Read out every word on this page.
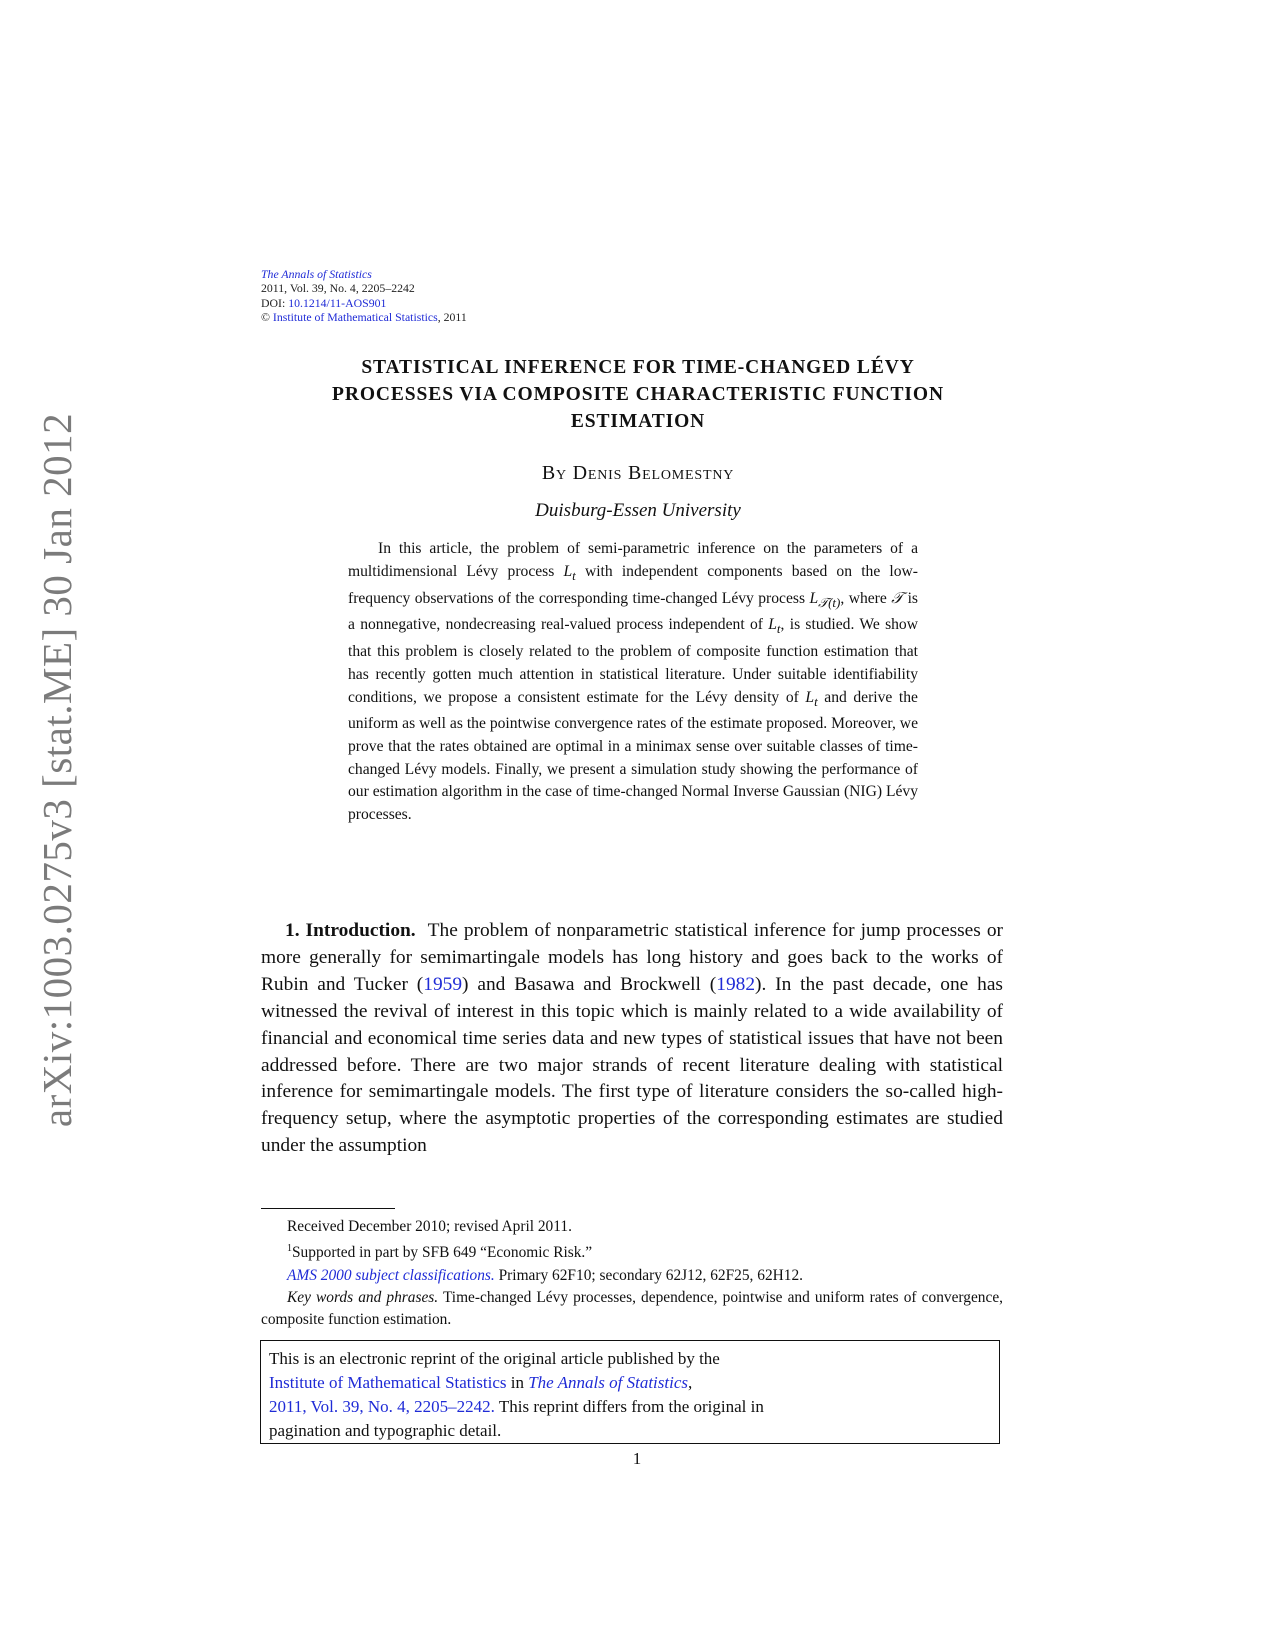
arXiv:1003.0275v3 [stat.ME] 30 Jan 2012
The Annals of Statistics
2011, Vol. 39, No. 4, 2205–2242
DOI: 10.1214/11-AOS901
© Institute of Mathematical Statistics, 2011
STATISTICAL INFERENCE FOR TIME-CHANGED LÉVY
PROCESSES VIA COMPOSITE CHARACTERISTIC FUNCTION
ESTIMATION
By Denis Belomestny
Duisburg-Essen University

In this article, the problem of semi-parametric inference on the parameters of a multidimensional Lévy process $L_t$ with independent components based on the low-frequency observations of the corresponding time-changed Lévy process $L_{𝒯(t)}$, where 𝒯 is a nonnegative, nondecreasing real-valued process independent of $L_t$, is studied. We show that this problem is closely related to the problem of composite function estimation that has recently gotten much attention in statistical literature. Under suitable identifiability conditions, we propose a consistent estimate for the Lévy density of $L_t$ and derive the uniform as well as the pointwise convergence rates of the estimate proposed. Moreover, we prove that the rates obtained are optimal in a minimax sense over suitable classes of time-changed Lévy models. Finally, we present a simulation study showing the performance of our estimation algorithm in the case of time-changed Normal Inverse Gaussian (NIG) Lévy processes.

1. Introduction. The problem of nonparametric statistical inference for jump processes or more generally for semimartingale models has long history and goes back to the works of Rubin and Tucker (1959) and Basawa and Brockwell (1982). In the past decade, one has witnessed the revival of interest in this topic which is mainly related to a wide availability of financial and economical time series data and new types of statistical issues that have not been addressed before. There are two major strands of recent literature dealing with statistical inference for semimartingale models. The first type of literature considers the so-called high-frequency setup, where the asymptotic properties of the corresponding estimates are studied under the assumption

Received December 2010; revised April 2011.

$^1$Supported in part by SFB 649 “Economic Risk.”

AMS 2000 subject classifications. Primary 62F10; secondary 62J12, 62F25, 62H12.

Key words and phrases. Time-changed Lévy processes, dependence, pointwise and uniform rates of convergence, composite function estimation.

This is an electronic reprint of the original article published by the
Institute of Mathematical Statistics in The Annals of Statistics,
2011, Vol. 39, No. 4, 2205–2242. This reprint differs from the original in
pagination and typographic detail.
1
